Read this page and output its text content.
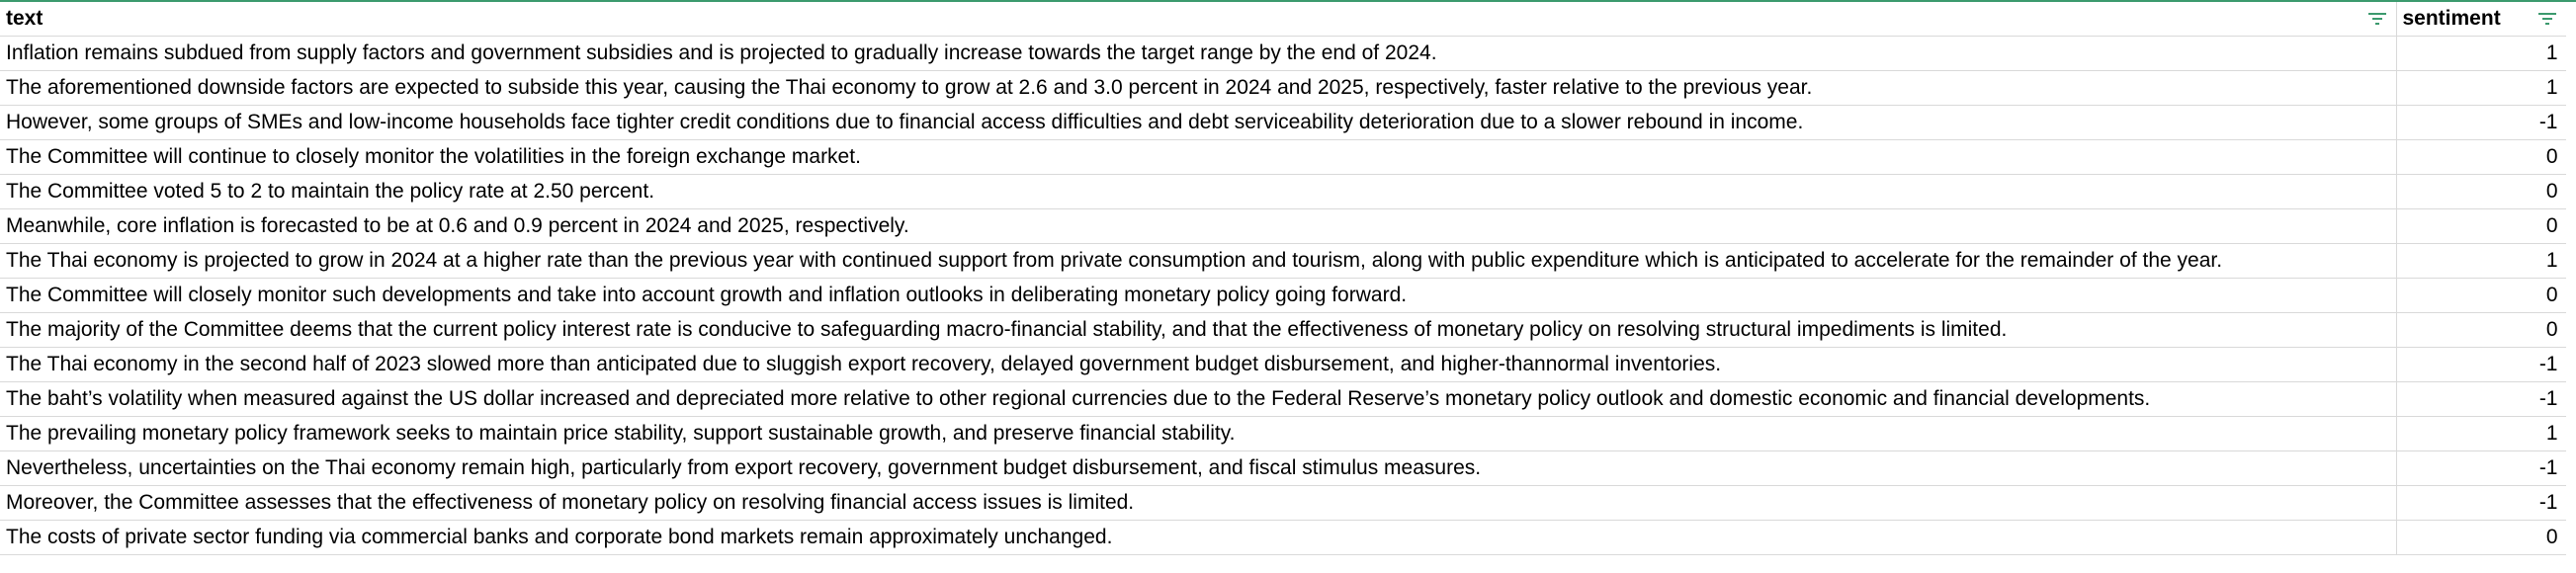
text	sentiment

Inflation remains subdued from supply factors and government subsidies and is projected to gradually increase towards the target range by the end of 2024.	1
The aforementioned downside factors are expected to subside this year, causing the Thai economy to grow at 2.6 and 3.0 percent in 2024 and 2025, respectively, faster relative to the previous year.	1
However, some groups of SMEs and low-income households face tighter credit conditions due to financial access difficulties and debt serviceability deterioration due to a slower rebound in income.	-1
The Committee will continue to closely monitor the volatilities in the foreign exchange market.	0
The Committee voted 5 to 2 to maintain the policy rate at 2.50 percent.	0
Meanwhile, core inflation is forecasted to be at 0.6 and 0.9 percent in 2024 and 2025, respectively.	0
The Thai economy is projected to grow in 2024 at a higher rate than the previous year with continued support from private consumption and tourism, along with public expenditure which is anticipated to accelerate for the remainder of the year.	1
The Committee will closely monitor such developments and take into account growth and inflation outlooks in deliberating monetary policy going forward.	0
The majority of the Committee deems that the current policy interest rate is conducive to safeguarding macro-financial stability, and that the effectiveness of monetary policy on resolving structural impediments is limited.	0
The Thai economy in the second half of 2023 slowed more than anticipated due to sluggish export recovery, delayed government budget disbursement, and higher-thannormal inventories.	-1
The baht’s volatility when measured against the US dollar increased and depreciated more relative to other regional currencies due to the Federal Reserve’s monetary policy outlook and domestic economic and financial developments.	-1
The prevailing monetary policy framework seeks to maintain price stability, support sustainable growth, and preserve financial stability.	1
Nevertheless, uncertainties on the Thai economy remain high, particularly from export recovery, government budget disbursement, and fiscal stimulus measures.	-1
Moreover, the Committee assesses that the effectiveness of monetary policy on resolving financial access issues is limited.	-1
The costs of private sector funding via commercial banks and corporate bond markets remain approximately unchanged.	0
